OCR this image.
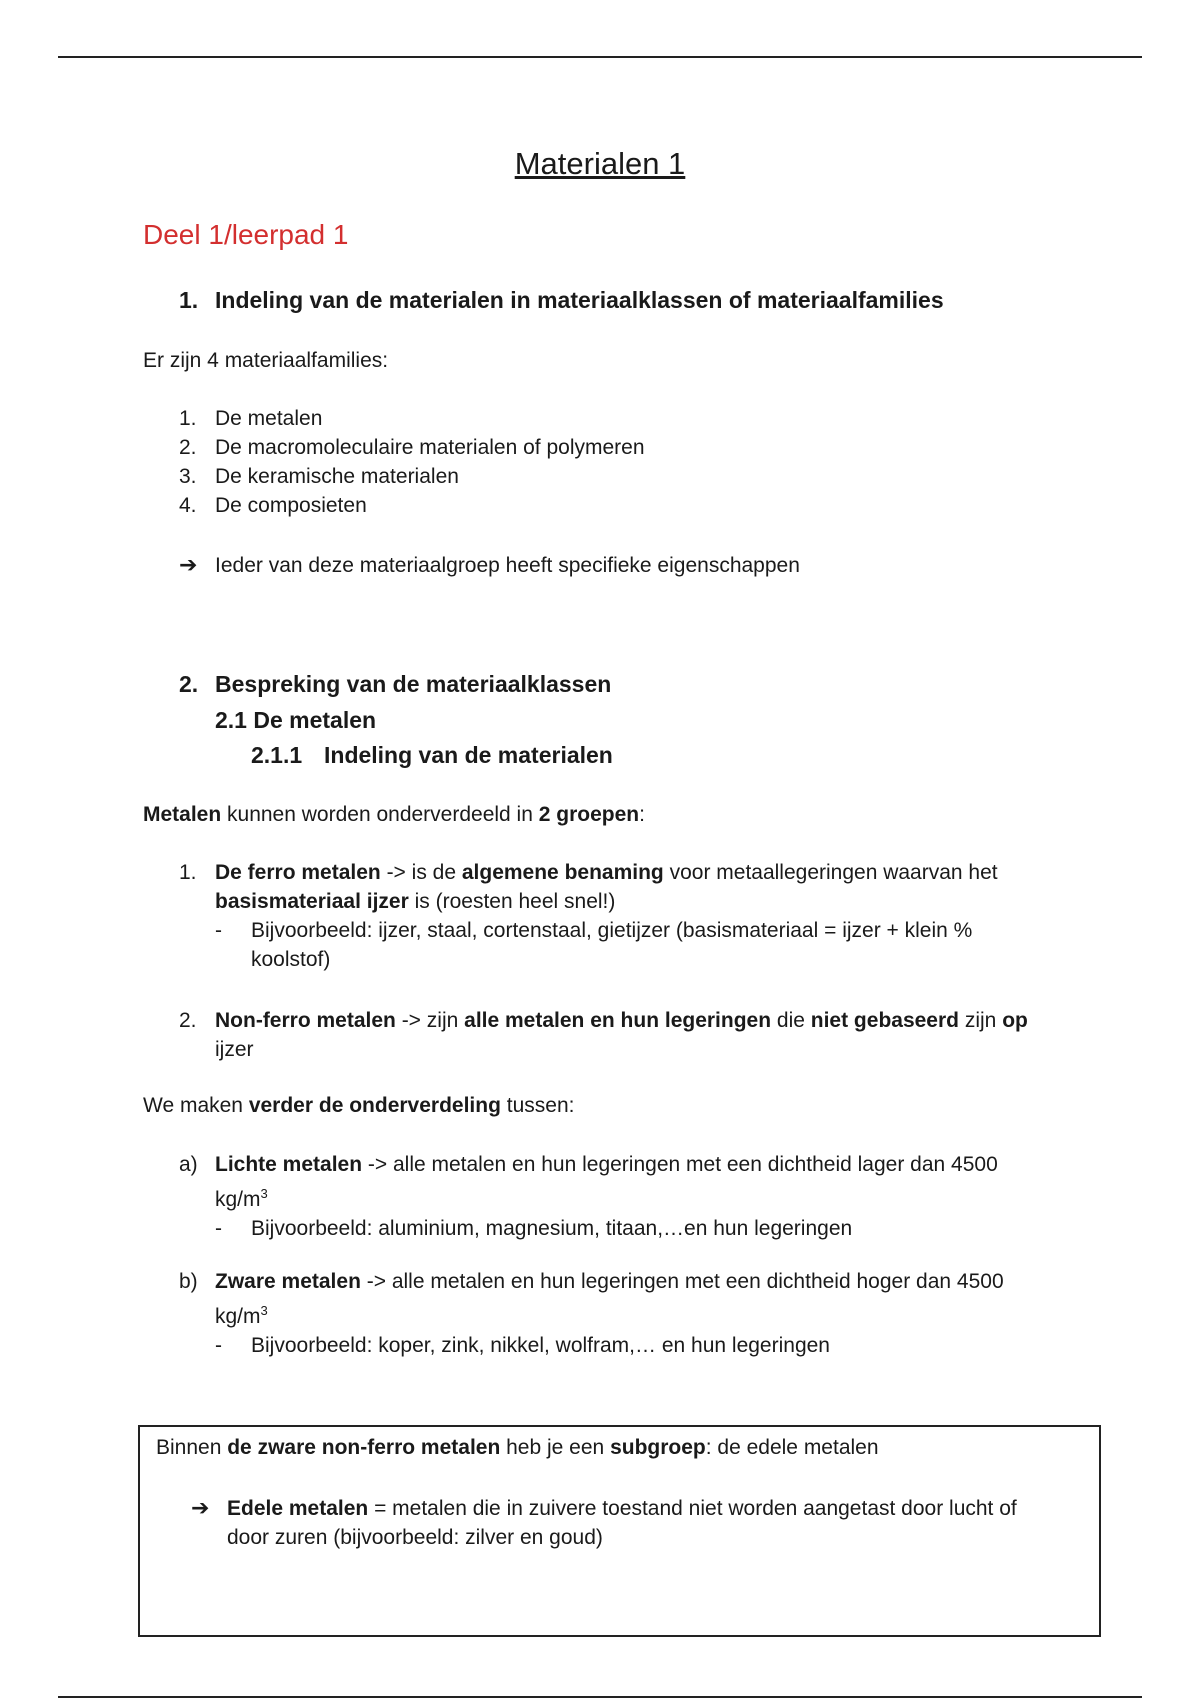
Materialen 1
Deel 1/leerpad 1
1. Indeling van de materialen in materiaalklassen of materiaalfamilies
Er zijn 4 materiaalfamilies:
1. De metalen
2. De macromoleculaire materialen of polymeren
3. De keramische materialen
4. De composieten
➔ Ieder van deze materiaalgroep heeft specifieke eigenschappen
2. Bespreking van de materiaalklassen
2.1 De metalen
2.1.1 Indeling van de materialen
Metalen kunnen worden onderverdeeld in 2 groepen:
1. De ferro metalen -> is de algemene benaming voor metaallegeringen waarvan het
basismateriaal ijzer is (roesten heel snel!)
- Bijvoorbeeld: ijzer, staal, cortenstaal, gietijzer (basismateriaal = ijzer + klein %
koolstof)
2. Non-ferro metalen -> zijn alle metalen en hun legeringen die niet gebaseerd zijn op
ijzer
We maken verder de onderverdeling tussen:
a) Lichte metalen -> alle metalen en hun legeringen met een dichtheid lager dan 4500
$kg/m^3$
- Bijvoorbeeld: aluminium, magnesium, titaan,…en hun legeringen
b) Zware metalen -> alle metalen en hun legeringen met een dichtheid hoger dan 4500
$kg/m^3$
- Bijvoorbeeld: koper, zink, nikkel, wolfram,… en hun legeringen
Binnen de zware non-ferro metalen heb je een subgroep: de edele metalen
➔ Edele metalen = metalen die in zuivere toestand niet worden aangetast door lucht of
door zuren (bijvoorbeeld: zilver en goud)
